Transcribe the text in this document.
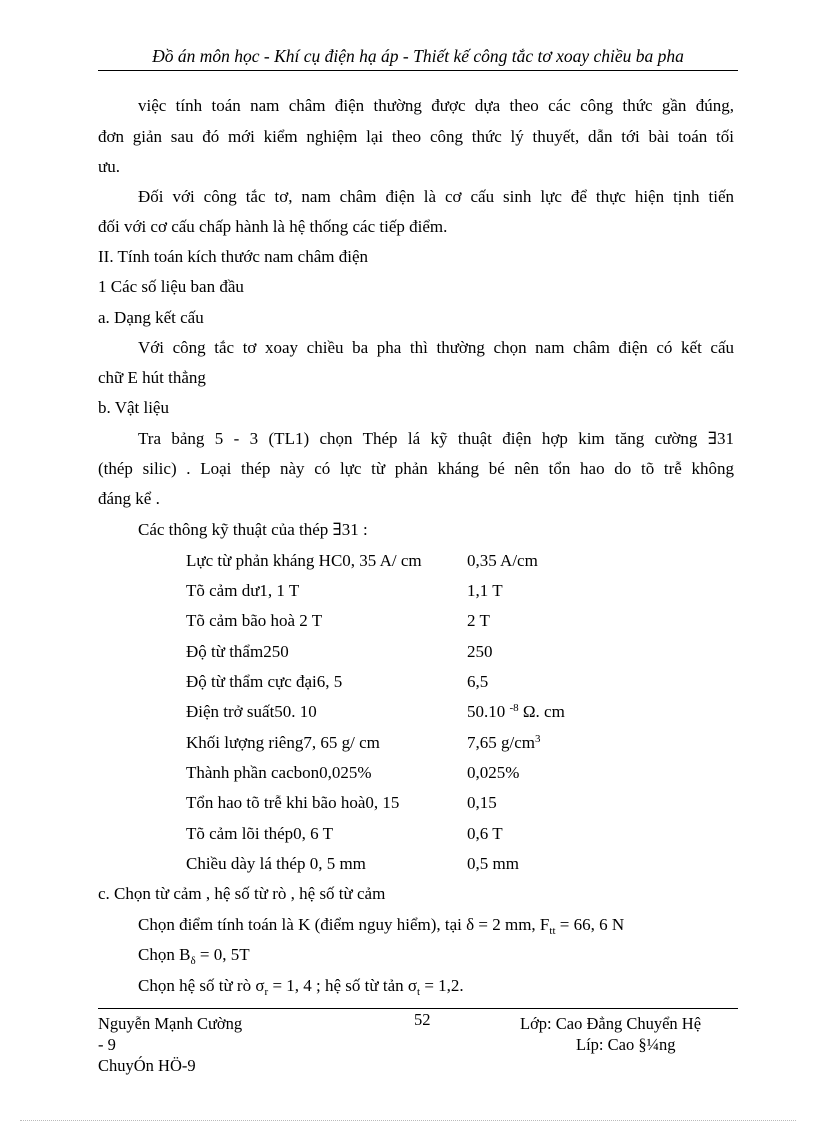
Đồ án môn học - Khí cụ điện hạ áp - Thiết kế công tắc tơ xoay chiều ba pha
việc tính toán nam châm điện thường được dựa theo các công thức gần đúng,
đơn giản sau đó mới kiểm nghiệm lại theo công thức lý thuyết, dẫn tới bài toán tối
ưu.
Đối với công tắc tơ, nam châm điện là cơ cấu sinh lực để thực hiện tịnh tiến
đối với cơ cấu chấp hành là hệ thống các tiếp điểm.
II. Tính toán kích thước nam châm điện
1 Các số liệu ban đầu
a. Dạng kết cấu
Với công tắc tơ xoay chiều ba pha thì thường chọn nam châm điện có kết cấu
chữ E hút thẳng
b. Vật liệu
Tra bảng 5 - 3 (TL1) chọn Thép lá kỹ thuật điện hợp kim tăng cường ∃31
(thép silic) . Loại thép này có lực từ phản kháng bé nên tổn hao do tõ trễ không
đáng kể .
Các thông kỹ thuật của thép ∃31 :
Lực từ phản kháng HC0, 35 A/ cm	0,35 A/cm
Tõ cảm dư1, 1 T	1,1 T
Tõ cảm bão hoà 2 T	2 T
Độ từ thẩm250	250
Độ từ thẩm cực đại6, 5	6,5
Điện trở suất50. 10	50.10 $^{-8}$ Ω. cm
Khối lượng riêng7, 65 g/ cm	7,65 $g/cm^3$
Thành phần cacbon0,025%	0,025%
Tổn hao tõ trễ khi bão hoà0, 15	0,15
Tõ cảm lõi thép0, 6 T	0,6 T
Chiều dày lá thép 0, 5 mm	0,5 mm
c. Chọn từ cảm , hệ số từ rò , hệ số từ cảm
Chọn điểm tính toán là K (điểm nguy hiểm), tại δ = 2 mm, $F_{tt} = 66$, 6 N
Chọn $B_\delta = 0$, 5T
Chọn hệ số từ rò $\sigma_r = 1$, 4 ; hệ số từ tản $\sigma_t = 1,2$.
Nguyễn Mạnh Cường
- 9
ChuyÓn HÖ-9
52	Lớp: Cao Đẳng Chuyển Hệ
Líp: Cao §¼ng
